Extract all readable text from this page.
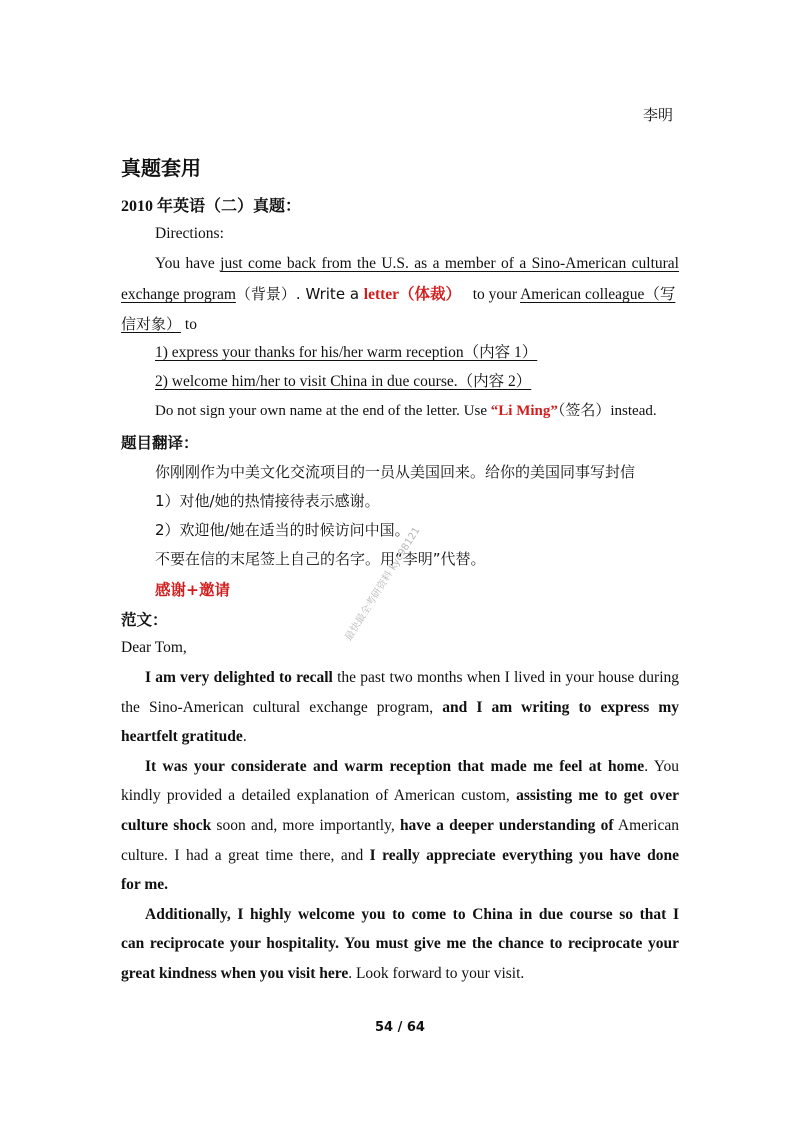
李明
真题套用
2010 年英语（二）真题：
Directions:
You have just come back from the U.S. as a member of a Sino-American cultural
exchange program（背景）. Write a letter（体裁） to your American colleague（写
信对象） to
1) express your thanks for his/her warm reception（内容 1）
2) welcome him/her to visit China in due course.（内容 2）
Do not sign your own name at the end of the letter. Use “Li Ming”（签名）instead.
题目翻译：
你刚刚作为中美文化交流项目的一员从美国回来。给你的美国同事写封信
1）对他/她的热情接待表示感谢。
2）欢迎他/她在适当的时候访问中国。
不要在信的末尾签上自己的名字。用“李明”代替。
感谢+邀请
范文：
Dear Tom,
I am very delighted to recall the past two months when I lived in your house during
the Sino-American cultural exchange program, and I am writing to express my
heartfelt gratitude.
It was your considerate and warm reception that made me feel at home. You
kindly provided a detailed explanation of American custom, assisting me to get over
culture shock soon and, more importantly, have a deeper understanding of American
culture. I had a great time there, and I really appreciate everything you have done
for me.
Additionally, I highly welcome you to come to China in due course so that I
can reciprocate your hospitality. You must give me the chance to reciprocate your
great kindness when you visit here. Look forward to your visit.
最快最全考研资料 kyc98121
54 / 64
